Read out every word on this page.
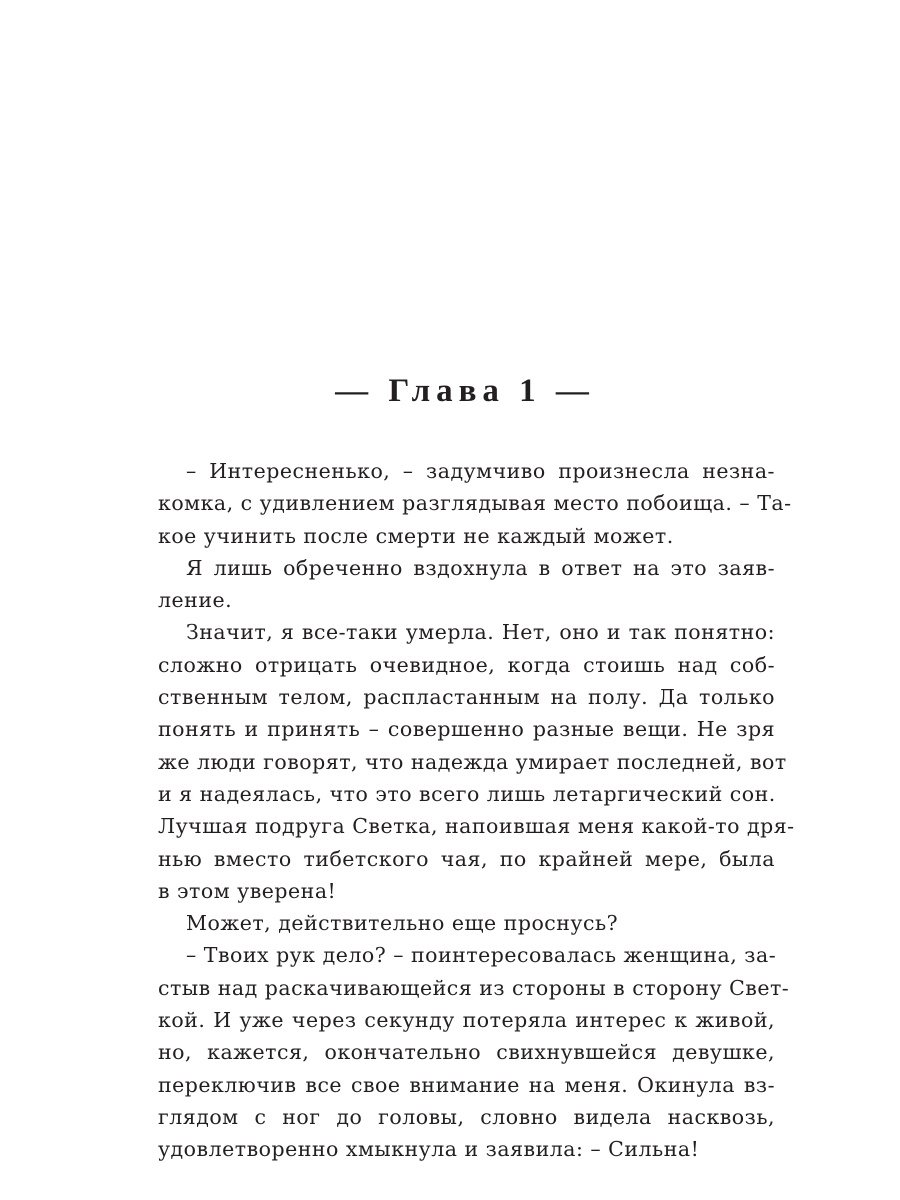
— Глава 1 —
– Интересненько, – задумчиво произнесла незна-
комка, с удивлением разглядывая место побоища. – Та-
кое учинить после смерти не каждый может.
Я лишь обреченно вздохнула в ответ на это заяв-
ление.
Значит, я все-таки умерла. Нет, оно и так понятно:
сложно отрицать очевидное, когда стоишь над соб-
ственным телом, распластанным на полу. Да только
понять и принять – совершенно разные вещи. Не зря
же люди говорят, что надежда умирает последней, вот
и я надеялась, что это всего лишь летаргический сон.
Лучшая подруга Светка, напоившая меня какой-то дря-
нью вместо тибетского чая, по крайней мере, была
в этом уверена!
Может, действительно еще проснусь?
– Твоих рук дело? – поинтересовалась женщина, за-
стыв над раскачивающейся из стороны в сторону Свет-
кой. И уже через секунду потеряла интерес к живой,
но, кажется, окончательно свихнувшейся девушке,
переключив все свое внимание на меня. Окинула вз-
глядом с ног до головы, словно видела насквозь,
удовлетворенно хмыкнула и заявила: – Сильна!
